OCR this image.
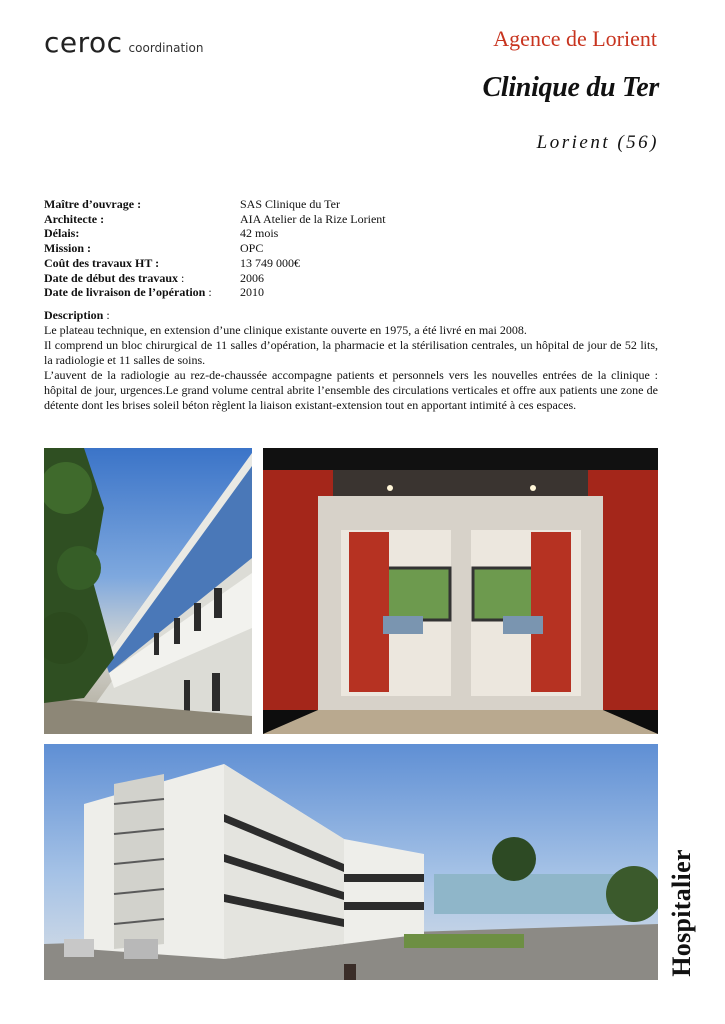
ceroc coordination	Agence de Lorient
Clinique du Ter
Lorient (56)
Maître d’ouvrage :	SAS Clinique du Ter
Architecte :	AIA Atelier de la Rize Lorient
Délais:	42 mois
Mission :	OPC
Coût des travaux HT :	13 749 000€
Date de début des travaux :	2006
Date de livraison de l’opération :	2010

Description :

Le plateau technique, en extension d’une clinique existante ouverte en 1975, a été livré en mai 2008.

Il comprend un bloc chirurgical de 11 salles d’opération, la pharmacie et la stérilisation centrales, un hôpital de jour de 52 lits, la radiologie et 11 salles de soins.

L’auvent de la radiologie au rez-de-chaussée accompagne patients et personnels vers les nouvelles entrées de la clinique : hôpital de jour, urgences.Le grand volume central abrite l’ensemble des circulations verticales et offre aux patients une zone de détente dont les brises soleil béton règlent la liaison existant-extension tout en apportant intimité à ces espaces.

Hospitalier
